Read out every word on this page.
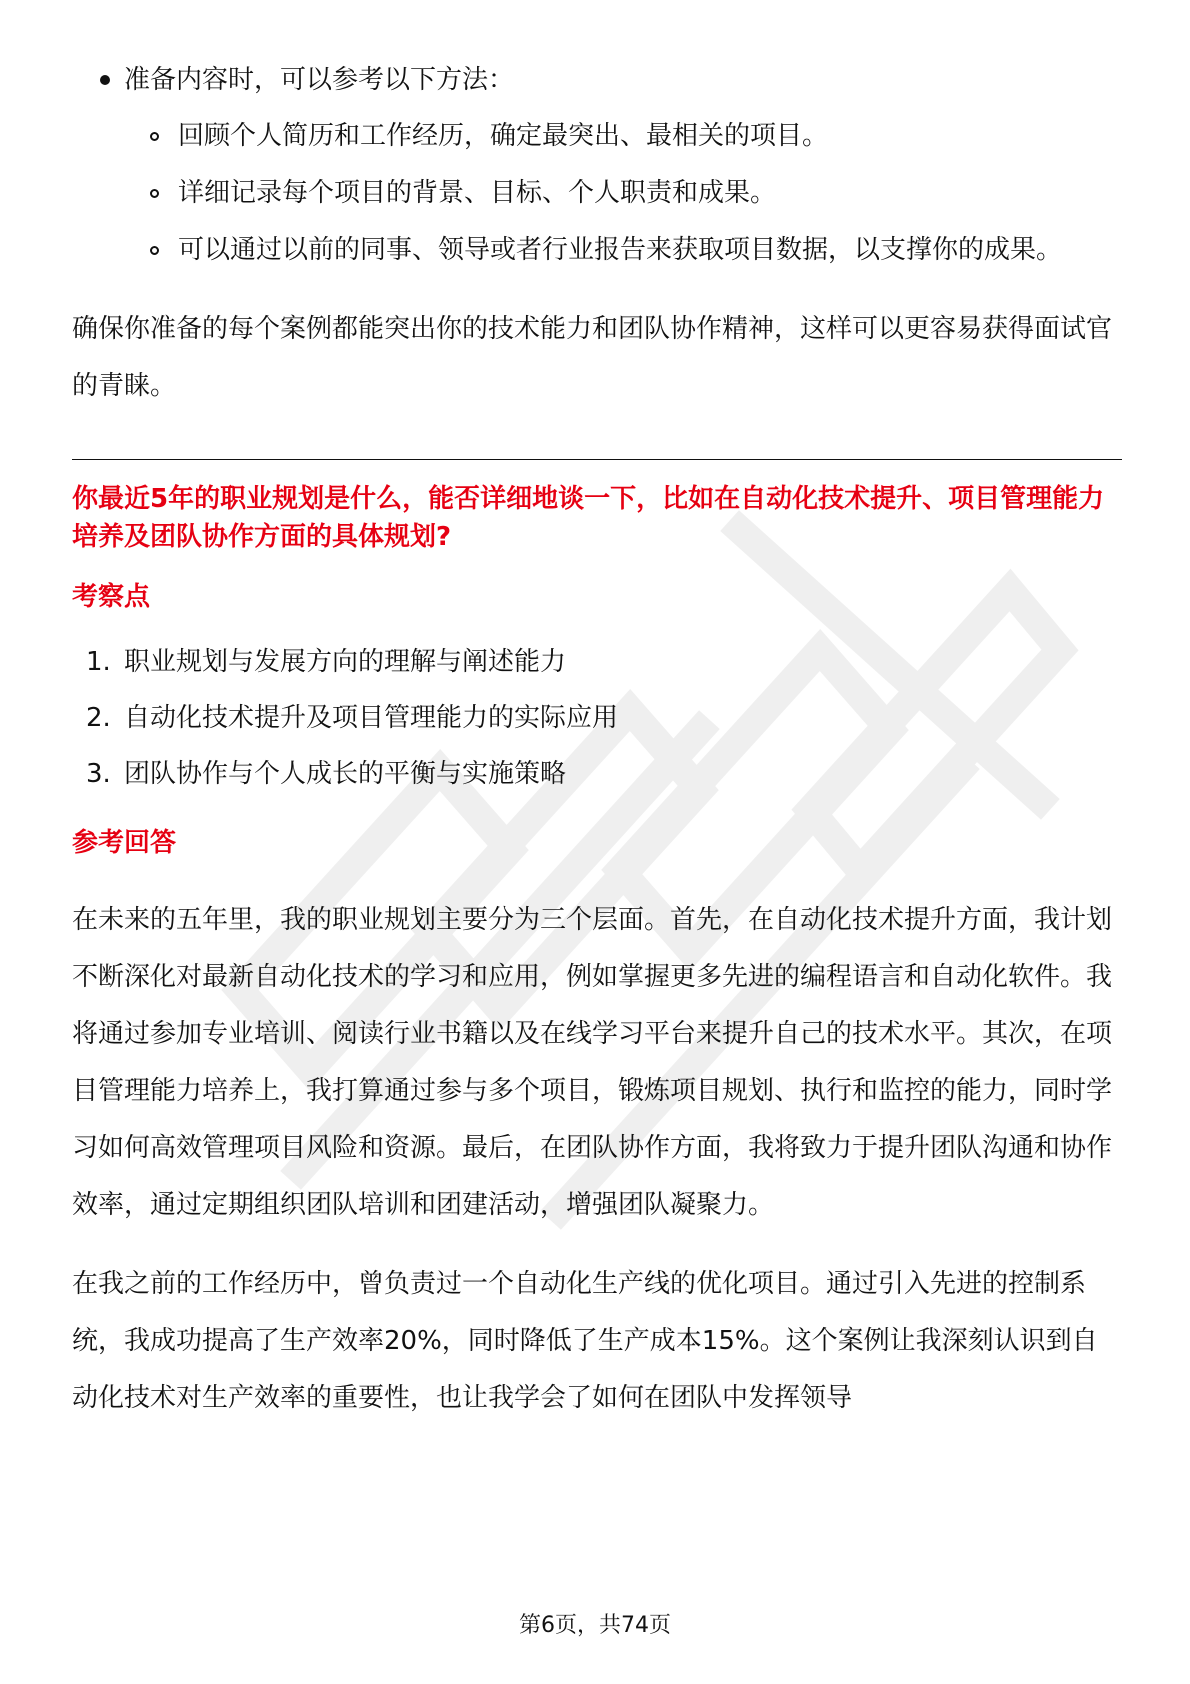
准备内容时，可以参考以下方法：
回顾个人简历和工作经历，确定最突出、最相关的项目。
详细记录每个项目的背景、目标、个人职责和成果。
可以通过以前的同事、领导或者行业报告来获取项目数据，以支撑你的成果。

确保你准备的每个案例都能突出你的技术能力和团队协作精神，这样可以更容易获得面试官的青睐。

你最近5年的职业规划是什么，能否详细地谈一下，比如在自动化技术提升、项目管理能力培养及团队协作方面的具体规划?

考察点

1. 职业规划与发展方向的理解与阐述能力
2. 自动化技术提升及项目管理能力的实际应用
3. 团队协作与个人成长的平衡与实施策略

参考回答

在未来的五年里，我的职业规划主要分为三个层面。首先，在自动化技术提升方面，我计划不断深化对最新自动化技术的学习和应用，例如掌握更多先进的编程语言和自动化软件。我将通过参加专业培训、阅读行业书籍以及在线学习平台来提升自己的技术水平。其次，在项目管理能力培养上，我打算通过参与多个项目，锻炼项目规划、执行和监控的能力，同时学习如何高效管理项目风险和资源。最后，在团队协作方面，我将致力于提升团队沟通和协作效率，通过定期组织团队培训和团建活动，增强团队凝聚力。

在我之前的工作经历中，曾负责过一个自动化生产线的优化项目。通过引入先进的控制系统，我成功提高了生产效率20%，同时降低了生产成本15%。这个案例让我深刻认识到自动化技术对生产效率的重要性，也让我学会了如何在团队中发挥领导

第6页，共74页
